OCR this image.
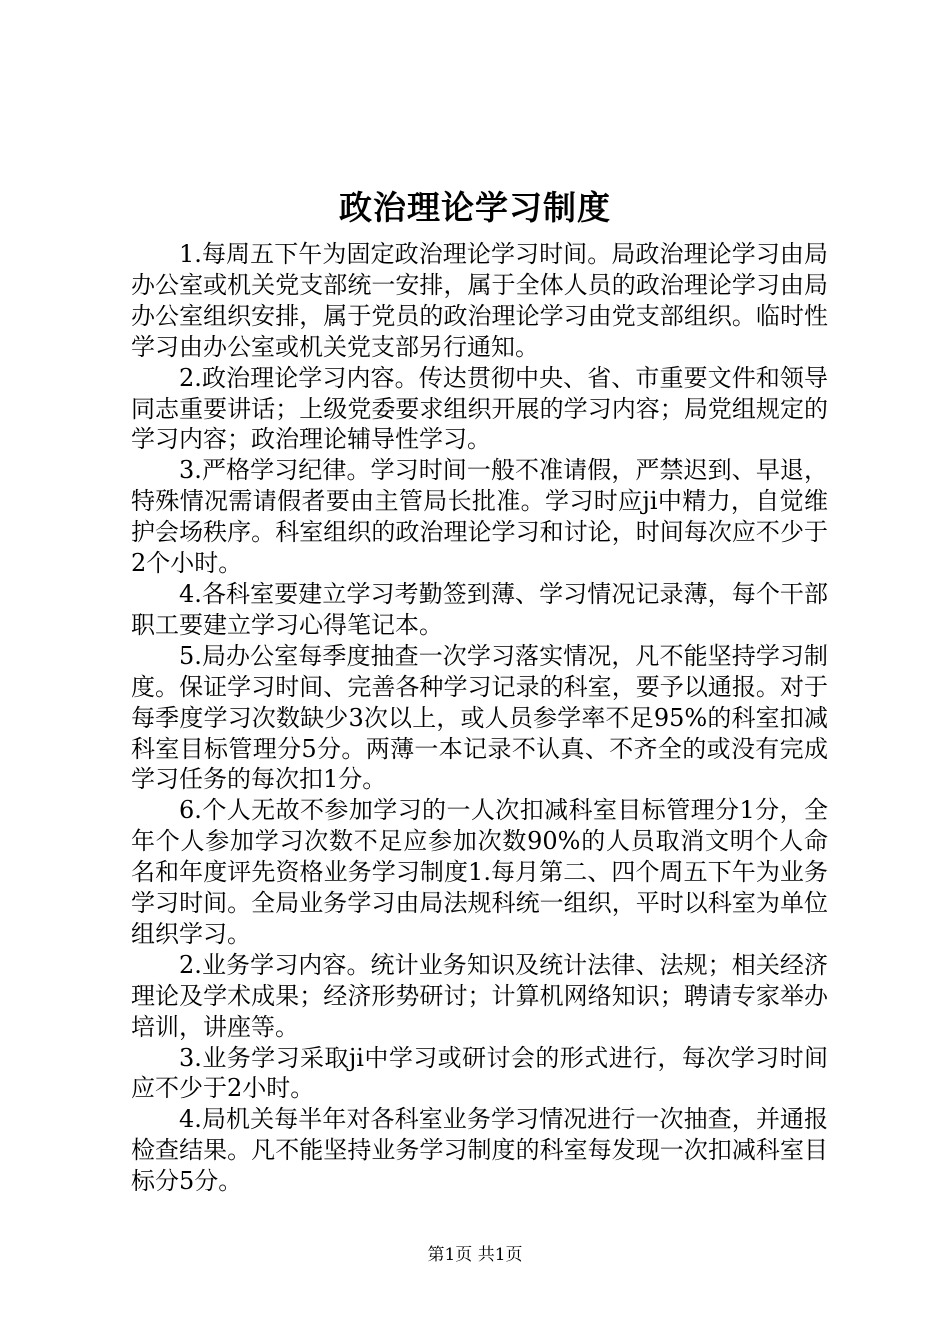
政治理论学习制度

1.每周五下午为固定政治理论学习时间。局政治理论学习由局办公室或机关党支部统一安排，属于全体人员的政治理论学习由局办公室组织安排，属于党员的政治理论学习由党支部组织。临时性学习由办公室或机关党支部另行通知。

2.政治理论学习内容。传达贯彻中央、省、市重要文件和领导同志重要讲话；上级党委要求组织开展的学习内容；局党组规定的学习内容；政治理论辅导性学习。

3.严格学习纪律。学习时间一般不准请假，严禁迟到、早退，特殊情况需请假者要由主管局长批准。学习时应ji中精力，自觉维护会场秩序。科室组织的政治理论学习和讨论，时间每次应不少于2个小时。

4.各科室要建立学习考勤签到薄、学习情况记录薄，每个干部职工要建立学习心得笔记本。

5.局办公室每季度抽查一次学习落实情况，凡不能坚持学习制度。保证学习时间、完善各种学习记录的科室，要予以通报。对于每季度学习次数缺少3次以上，或人员参学率不足95%的科室扣减科室目标管理分5分。两薄一本记录不认真、不齐全的或没有完成学习任务的每次扣1分。

6.个人无故不参加学习的一人次扣减科室目标管理分1分，全年个人参加学习次数不足应参加次数90%的人员取消文明个人命名和年度评先资格业务学习制度1.每月第二、四个周五下午为业务学习时间。全局业务学习由局法规科统一组织，平时以科室为单位组织学习。

2.业务学习内容。统计业务知识及统计法律、法规；相关经济理论及学术成果；经济形势研讨；计算机网络知识；聘请专家举办培训，讲座等。

3.业务学习采取ji中学习或研讨会的形式进行，每次学习时间应不少于2小时。

4.局机关每半年对各科室业务学习情况进行一次抽查，并通报检查结果。凡不能坚持业务学习制度的科室每发现一次扣减科室目标分5分。

第1页 共1页
